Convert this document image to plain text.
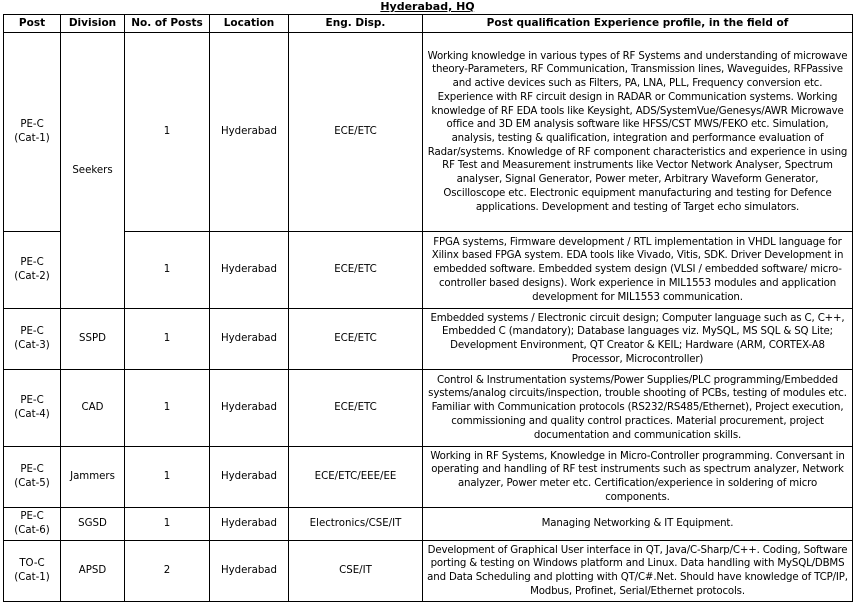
Hyderabad, HQ
Post	Division	No. of Posts	Location	Eng. Disp.	Post qualification Experience profile, in the field of
PE-C
(Cat-1)	Seekers	1	Hyderabad	ECE/ETC	Working knowledge in various types of RF Systems and understanding of microwave theory-Parameters, RF Communication, Transmission lines, Waveguides, RFPassive and active devices such as Filters, PA, LNA, PLL, Frequency conversion etc. Experience with RF circuit design in RADAR or Communication systems. Working knowledge of RF EDA tools like Keysight, ADS/SystemVue/Genesys/AWR Microwave office and 3D EM analysis software like HFSS/CST MWS/FEKO etc. Simulation, analysis, testing & qualification, integration and performance evaluation of Radar/systems. Knowledge of RF component characteristics and experience in using RF Test and Measurement instruments like Vector Network Analyser, Spectrum analyser, Signal Generator, Power meter, Arbitrary Waveform Generator, Oscilloscope etc. Electronic equipment manufacturing and testing for Defence applications. Development and testing of Target echo simulators.
PE-C
(Cat-2)		1	Hyderabad	ECE/ETC	FPGA systems, Firmware development / RTL implementation in VHDL language for Xilinx based FPGA system. EDA tools like Vivado, Vitis, SDK. Driver Development in embedded software. Embedded system design (VLSI / embedded software/ micro-controller based designs). Work experience in MIL1553 modules and application development for MIL1553 communication.
PE-C
(Cat-3)	SSPD	1	Hyderabad	ECE/ETC	Embedded systems / Electronic circuit design; Computer language such as C, C++, Embedded C (mandatory); Database languages viz. MySQL, MS SQL & SQ Lite; Development Environment, QT Creator & KEIL; Hardware (ARM, CORTEX-A8 Processor, Microcontroller)
PE-C
(Cat-4)	CAD	1	Hyderabad	ECE/ETC	Control & Instrumentation systems/Power Supplies/PLC programming/Embedded systems/analog circuits/inspection, trouble shooting of PCBs, testing of modules etc. Familiar with Communication protocols (RS232/RS485/Ethernet), Project execution, commissioning and quality control practices. Material procurement, project documentation and communication skills.
PE-C
(Cat-5)	Jammers	1	Hyderabad	ECE/ETC/EEE/EE	Working in RF Systems, Knowledge in Micro-Controller programming. Conversant in operating and handling of RF test instruments such as spectrum analyzer, Network analyzer, Power meter etc. Certification/experience in soldering of micro components.
PE-C
(Cat-6)	SGSD	1	Hyderabad	Electronics/CSE/IT	Managing Networking & IT Equipment.
TO-C
(Cat-1)	APSD	2	Hyderabad	CSE/IT	Development of Graphical User interface in QT, Java/C-Sharp/C++. Coding, Software porting & testing on Windows platform and Linux. Data handling with MySQL/DBMS and Data Scheduling and plotting with QT/C#.Net. Should have knowledge of TCP/IP, Modbus, Profinet, Serial/Ethernet protocols.
